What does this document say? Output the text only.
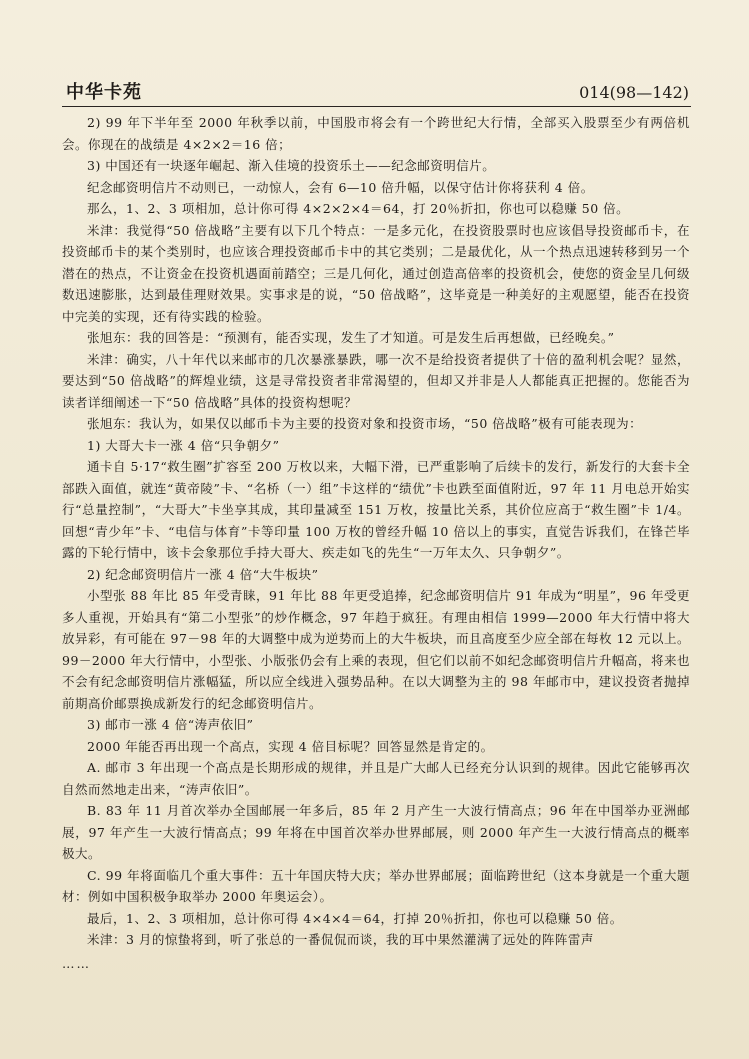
中华卡苑	014(98—142)

2) 99 年下半年至 2000 年秋季以前，中国股市将会有一个跨世纪大行情，全部买入股票至少有两倍机会。你现在的战绩是 4×2×2＝16 倍；

3) 中国还有一块逐年崛起、渐入佳境的投资乐土——纪念邮资明信片。

纪念邮资明信片不动则已，一动惊人，会有 6—10 倍升幅，以保守估计你将获利 4 倍。

那么，1、2、3 项相加，总计你可得 4×2×2×4＝64，打 20％折扣，你也可以稳赚 50 倍。

米津：我觉得“50 倍战略”主要有以下几个特点：一是多元化，在投资股票时也应该倡导投资邮币卡，在投资邮币卡的某个类别时，也应该合理投资邮币卡中的其它类别；二是最优化，从一个热点迅速转移到另一个潜在的热点，不让资金在投资机遇面前踏空；三是几何化，通过创造高倍率的投资机会，使您的资金呈几何级数迅速膨胀，达到最佳理财效果。实事求是的说，“50 倍战略”，这毕竟是一种美好的主观愿望，能否在投资中完美的实现，还有待实践的检验。

张旭东：我的回答是：“预测有，能否实现，发生了才知道。可是发生后再想做，已经晚矣。”

米津：确实，八十年代以来邮市的几次暴涨暴跌，哪一次不是给投资者提供了十倍的盈利机会呢？显然，要达到“50 倍战略”的辉煌业绩，这是寻常投资者非常渴望的，但却又并非是人人都能真正把握的。您能否为读者详细阐述一下“50 倍战略”具体的投资构想呢？

张旭东：我认为，如果仅以邮币卡为主要的投资对象和投资市场，“50 倍战略”极有可能表现为：

1) 大哥大卡一涨 4 倍“只争朝夕”

通卡自 5·17“救生圈”扩容至 200 万枚以来，大幅下滑，已严重影响了后续卡的发行，新发行的大套卡全部跌入面值，就连“黄帝陵”卡、“名桥（一）组”卡这样的“绩优”卡也跌至面值附近，97 年 11 月电总开始实行“总量控制”，“大哥大”卡坐享其成，其印量减至 151 万枚，按量比关系，其价位应高于“救生圈”卡 1/4。回想“青少年”卡、“电信与体育”卡等印量 100 万枚的曾经升幅 10 倍以上的事实，直觉告诉我们，在锋芒毕露的下轮行情中，该卡会象那位手持大哥大、疾走如飞的先生“一万年太久、只争朝夕”。

2) 纪念邮资明信片一涨 4 倍“大牛板块”

小型张 88 年比 85 年受青睐，91 年比 88 年更受追捧，纪念邮资明信片 91 年成为“明星”，96 年受更多人重视，开始具有“第二小型张”的炒作概念，97 年趋于疯狂。有理由相信 1999—2000 年大行情中将大放异彩，有可能在 97－98 年的大调整中成为逆势而上的大牛板块，而且高度至少应全部在每枚 12 元以上。99－2000 年大行情中，小型张、小版张仍会有上乘的表现，但它们以前不如纪念邮资明信片升幅高，将来也不会有纪念邮资明信片涨幅猛，所以应全线进入强势品种。在以大调整为主的 98 年邮市中，建议投资者抛掉前期高价邮票换成新发行的纪念邮资明信片。

3) 邮市一涨 4 倍“涛声依旧”

2000 年能否再出现一个高点，实现 4 倍目标呢？回答显然是肯定的。

A. 邮市 3 年出现一个高点是长期形成的规律，并且是广大邮人已经充分认识到的规律。因此它能够再次自然而然地走出来，“涛声依旧”。

B. 83 年 11 月首次举办全国邮展一年多后，85 年 2 月产生一大波行情高点；96 年在中国举办亚洲邮展，97 年产生一大波行情高点；99 年将在中国首次举办世界邮展，则 2000 年产生一大波行情高点的概率极大。

C. 99 年将面临几个重大事件：五十年国庆特大庆；举办世界邮展；面临跨世纪（这本身就是一个重大题材：例如中国积极争取举办 2000 年奥运会）。

最后，1、2、3 项相加，总计你可得 4×4×4＝64，打掉 20％折扣，你也可以稳赚 50 倍。

米津：3 月的惊蛰将到，听了张总的一番侃侃而谈，我的耳中果然灌满了远处的阵阵雷声

……
